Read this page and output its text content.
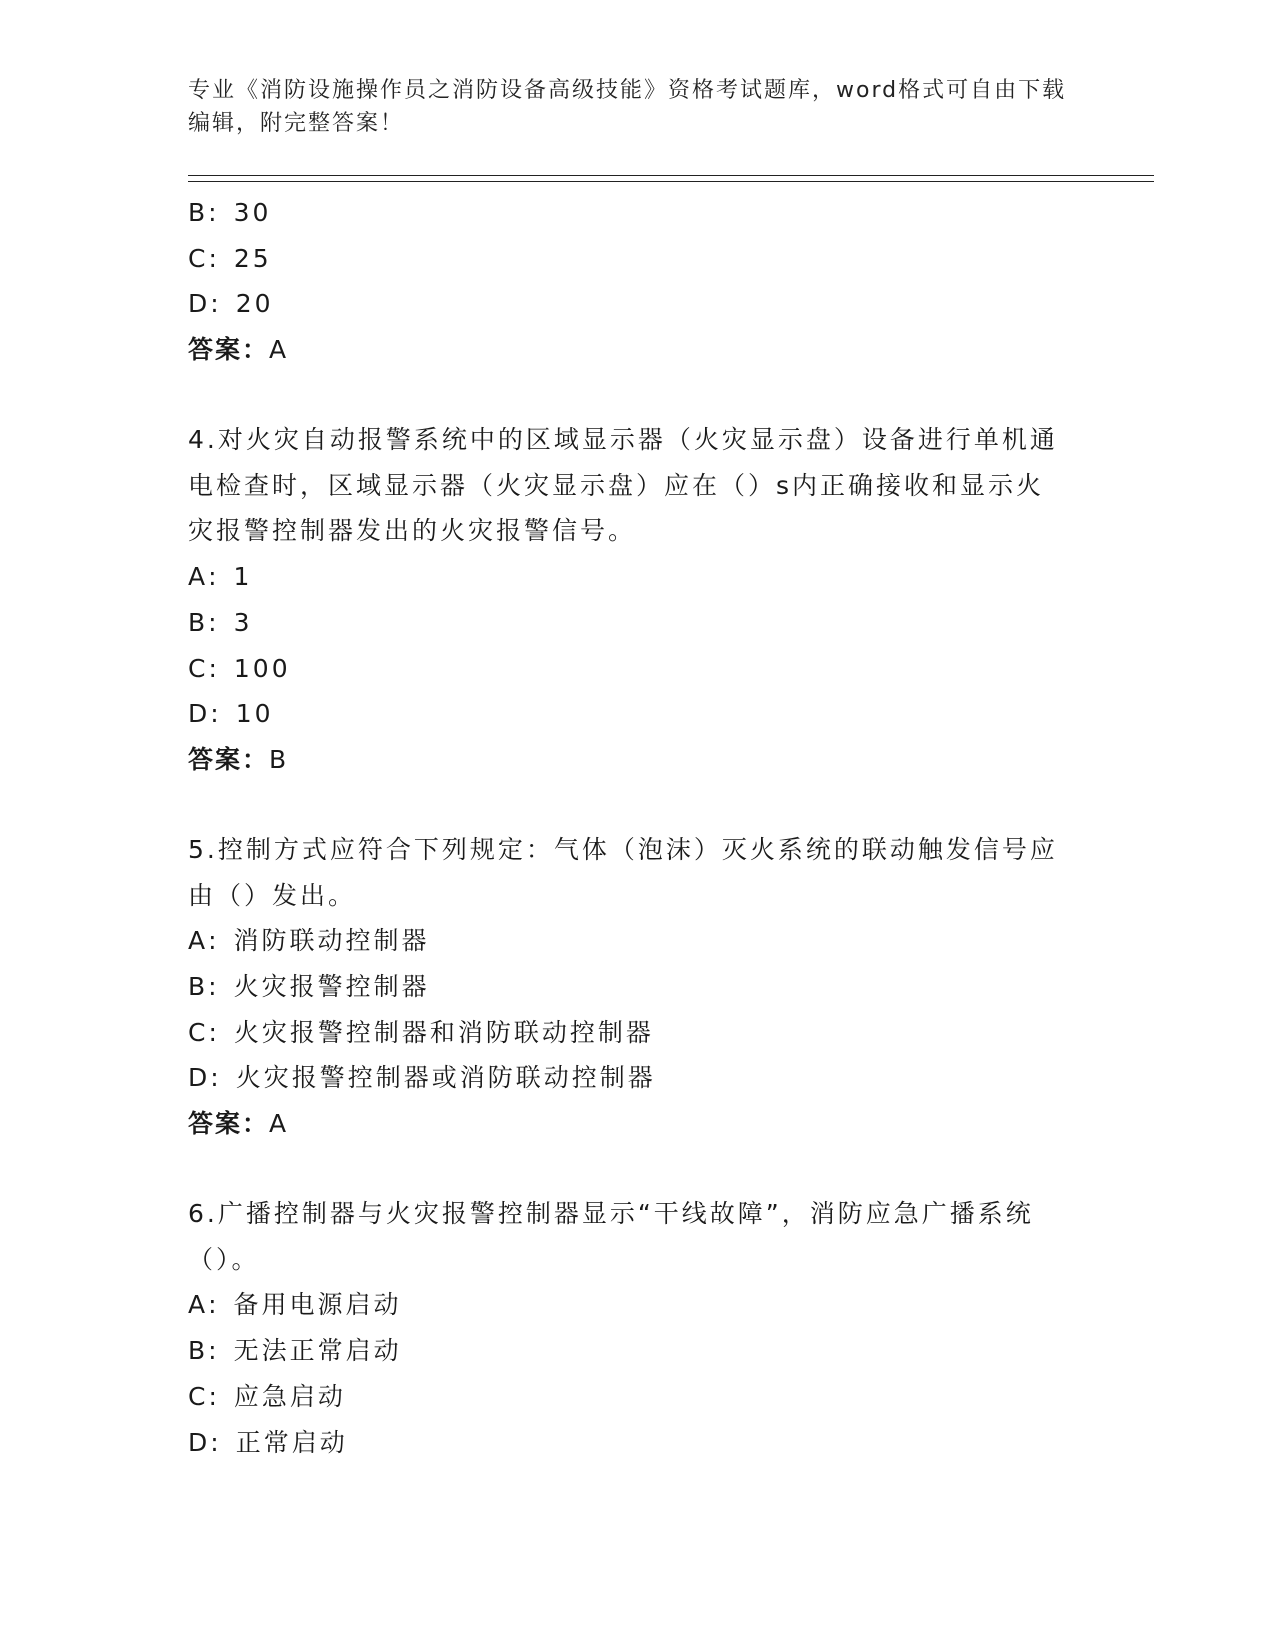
专业《消防设施操作员之消防设备高级技能》资格考试题库，word格式可自由下载编辑，附完整答案！
B: 30
C: 25
D: 20
答案：A
4.对火灾自动报警系统中的区域显示器（火灾显示盘）设备进行单机通电检查时，区域显示器（火灾显示盘）应在（）s内正确接收和显示火灾报警控制器发出的火灾报警信号。
A: 1
B: 3
C: 100
D: 10
答案：B
5.控制方式应符合下列规定：气体（泡沫）灭火系统的联动触发信号应由（）发出。
A: 消防联动控制器
B: 火灾报警控制器
C: 火灾报警控制器和消防联动控制器
D: 火灾报警控制器或消防联动控制器
答案：A
6.广播控制器与火灾报警控制器显示“干线故障”，消防应急广播系统（）。
A: 备用电源启动
B: 无法正常启动
C: 应急启动
D: 正常启动
